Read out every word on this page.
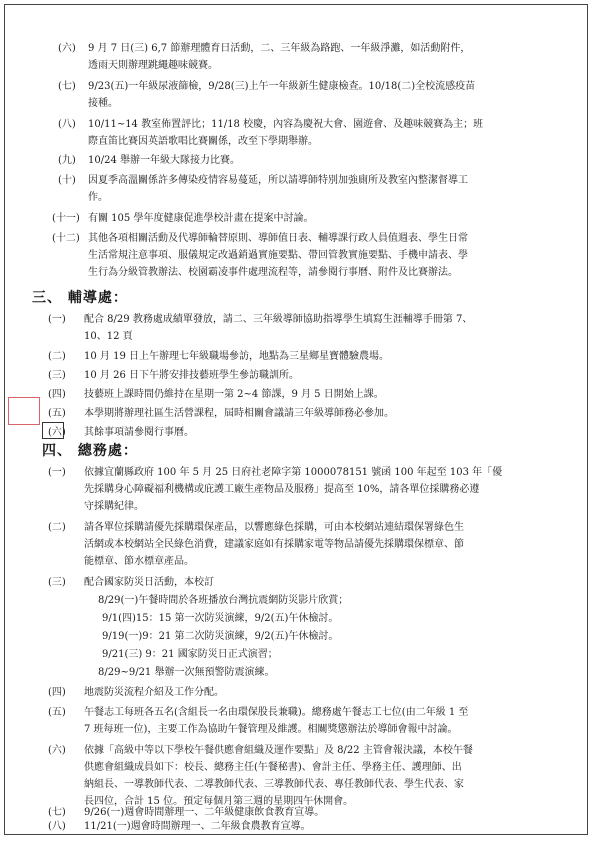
(六) 9 月 7 日(三) 6,7 節辦理體育日活動，二、三年級為路跑、一年級淨灘，如活動附件，
透雨天則辦理跳繩趣味競賽。
(七) 9/23(五)一年級尿液篩檢，9/28(三)上午一年級新生健康檢查。10/18(二)全校流感疫苗
接種。
(八) 10/11~14 教室佈置評比；11/18 校慶，內容為慶祝大會、園遊會、及趣味競賽為主；班
際直笛比賽因英語歌唱比賽關係，改至下學期舉辦。
(九) 10/24 舉辦一年級大隊接力比賽。
(十) 因夏季高溫關係許多傳染疫情容易蔓延，所以請導師特別加強廁所及教室內整潔督導工
作。
(十一) 有關 105 學年度健康促進學校計畫在提案中討論。
(十二) 其他各項相關活動及代導師輪替原則、導師值日表、輔導課行政人員值週表、學生日常
生活常規注意事項、服儀規定改過銷過實施要點、帶回管教實施要點、手機申請表、學
生行為分級管教辦法、校園霸凌事件處理流程等，請參閱行事曆、附件及比賽辦法。
三、 輔導處：
(一) 配合 8/29 教務處成績單發放，請二、三年級導師協助指導學生填寫生涯輔導手冊第 7、
10、12 頁
(二) 10 月 19 日上午辦理七年級職場參訪，地點為三星鄉星寶體驗農場。
(三) 10 月 26 日下午將安排技藝班學生參訪職訓所。
(四) 技藝班上課時間仍維持在星期一第 2~4 節課，9 月 5 日開始上課。
(五) 本學期將辦理社區生活營課程，屆時相關會議請三年級導師務必參加。
(六) 其餘事項請參閱行事曆。
四、 總務處：
(一) 依據宜蘭縣政府 100 年 5 月 25 日府社老障字第 1000078151 號函 100 年起至 103 年「優
先採購身心障礙福利機構或庇護工廠生產物品及服務」提高至 10%，請各單位採購務必遵
守採購紀律。
(二) 請各單位採購請優先採購環保產品，以響應綠色採購，可由本校網站連結環保署綠色生
活網或本校網站全民綠色消費，建議家庭如有採購家電等物品請優先採購環保標章、節
能標章、節水標章產品。
(三) 配合國家防災日活動，本校訂
8/29(一)午餐時間於各班播放台灣抗震網防災影片欣賞；
9/1(四)15：15 第一次防災演練，9/2(五)午休檢討。
9/19(一)9：21 第二次防災演練，9/2(五)午休檢討。
9/21(三) 9：21 國家防災日正式演習；
8/29~9/21 舉辦一次無預警防震演練。
(四) 地震防災流程介紹及工作分配。
(五) 午餐志工每班各五名(含組長一名由環保股長兼職)。總務處午餐志工七位(由二年級 1 至
7 班每班一位)，主要工作為協助午餐管理及維護。相關獎懲辦法於導師會報中討論。
(六) 依據「高級中等以下學校午餐供應會組織及運作要點」及 8/22 主管會報決議，本校午餐
供應會組織成員如下：校長、總務主任(午餐秘書)、會計主任、學務主任、護理師、出
納組長、一導教師代表、二導教師代表、三導教師代表、專任教師代表、學生代表、家
長四位，合計 15 位。預定每個月第三週的星期四午休開會。
(七) 9/26(一)週會時間辦理一、二年級健康飲食教育宣導。
(八) 11/21(一)週會時間辦理一、二年級食農教育宣導。
